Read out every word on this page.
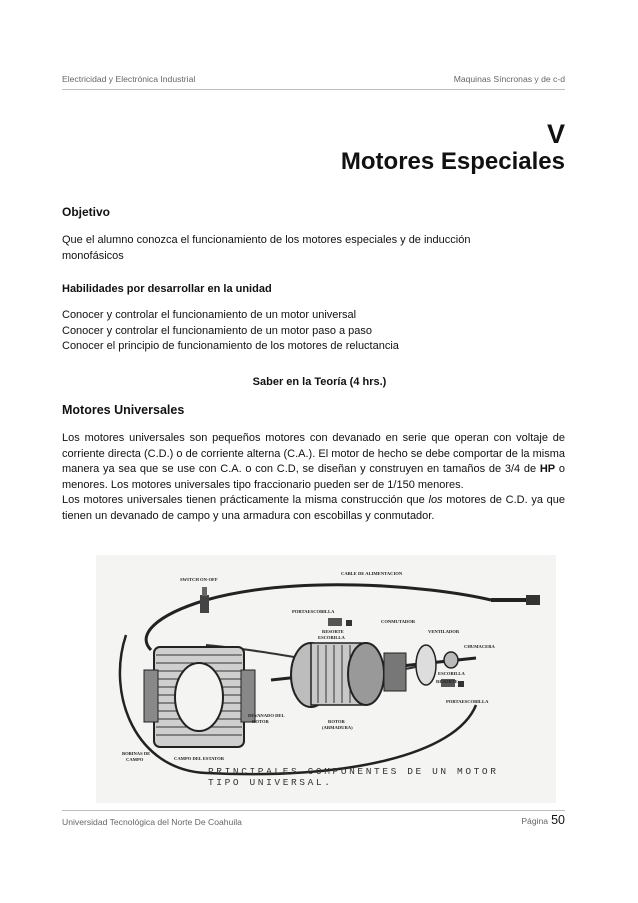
Electricidad y Electrónica Industrial	Maquinas Síncronas y de c-d
V
Motores Especiales
Objetivo
Que el alumno conozca el funcionamiento de los motores especiales y de inducción
monofásicos
Habilidades por desarrollar en la unidad
Conocer y controlar el funcionamiento de un motor universal
Conocer y controlar el funcionamiento de un motor paso a paso
Conocer el principio de funcionamiento de los motores de reluctancia
Saber en la Teoría (4 hrs.)
Motores Universales
Los motores universales son pequeños motores con devanado en serie que operan con voltaje de corriente directa (C.D.) o de corriente alterna (C.A.). El motor de hecho se debe comportar de la misma manera ya sea que se use con C.A. o con C.D, se diseñan y construyen en tamaños de 3/4 de HP o menores. Los motores universales tipo fraccionario pueden ser de 1/150 menores.
Los motores universales tienen prácticamente la misma construcción que los motores de C.D. ya que tienen un devanado de campo y una armadura con escobillas y conmutador.
SWITCH ON-OFF
CABLE DE ALIMENTACION
PORTAESCOBILLA
RESORTE
ESCOBILLA
CONMUTADOR
VENTILADOR
CHUMACERA
ESCOBILLA
RESORTE
PORTAESCOBILLA
DEVANADO DEL
ROTOR	ROTOR
(ARMADURA)
BOBINAS DE
CAMPO	CAMPO DEL ESTATOR
PRINCIPALES COMPONENTES DE UN MOTOR
TIPO UNIVERSAL.
Universidad Tecnológica del Norte De Coahuila	Página 50
